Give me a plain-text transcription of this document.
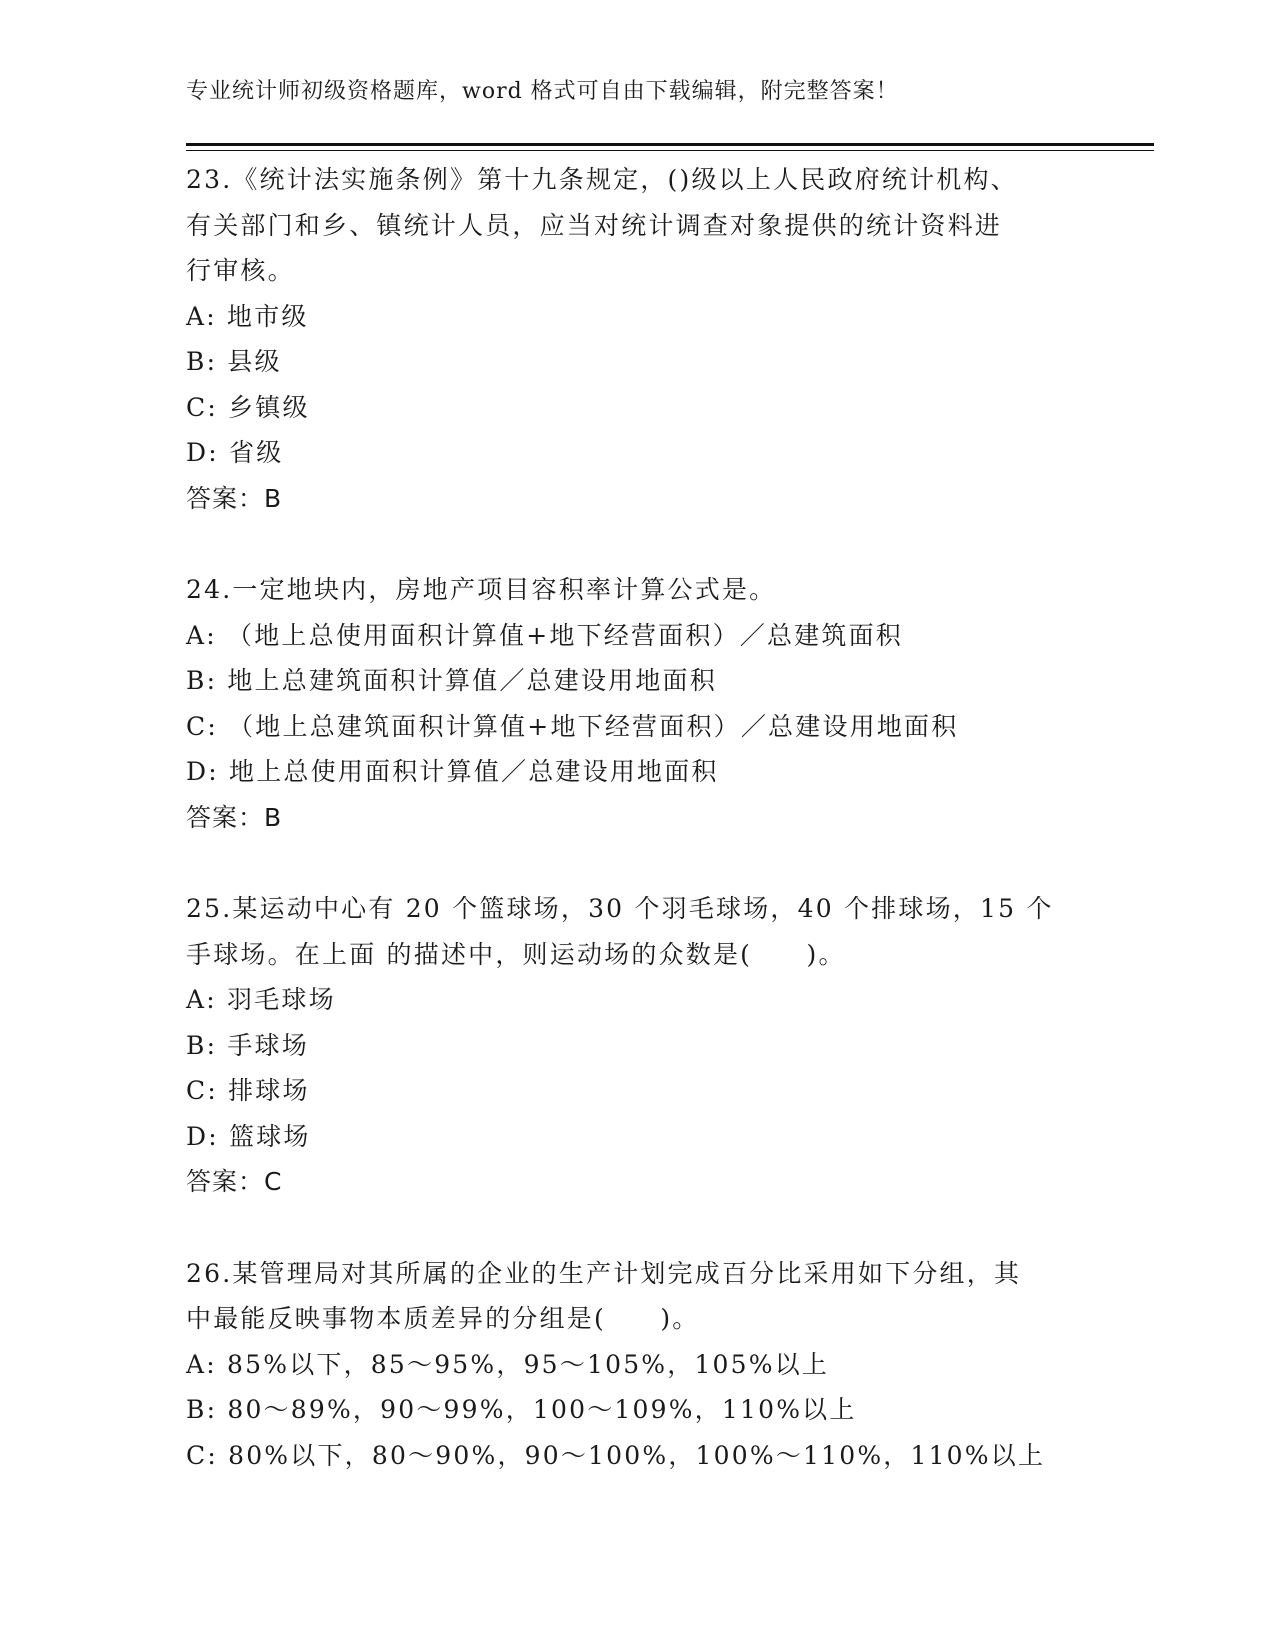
专业统计师初级资格题库，word 格式可自由下载编辑，附完整答案！

23.《统计法实施条例》第十九条规定，()级以上人民政府统计机构、

有关部门和乡、镇统计人员，应当对统计调查对象提供的统计资料进

行审核。

A: 地市级

B: 县级

C: 乡镇级

D: 省级

答案：B

24.一定地块内，房地产项目容积率计算公式是。

A: （地上总使用面积计算值+地下经营面积）／总建筑面积

B: 地上总建筑面积计算值／总建设用地面积

C: （地上总建筑面积计算值+地下经营面积）／总建设用地面积

D: 地上总使用面积计算值／总建设用地面积

答案：B

25.某运动中心有 20 个篮球场，30 个羽毛球场，40 个排球场，15 个

手球场。在上面 的描述中，则运动场的众数是(　　)。

A: 羽毛球场

B: 手球场

C: 排球场

D: 篮球场

答案：C

26.某管理局对其所属的企业的生产计划完成百分比采用如下分组，其

中最能反映事物本质差异的分组是(　　)。

A: 85%以下，85～95%，95～105%，105%以上

B: 80～89%，90～99%，100～109%，110%以上

C: 80%以下，80～90%，90～100%，100%～110%，110%以上
